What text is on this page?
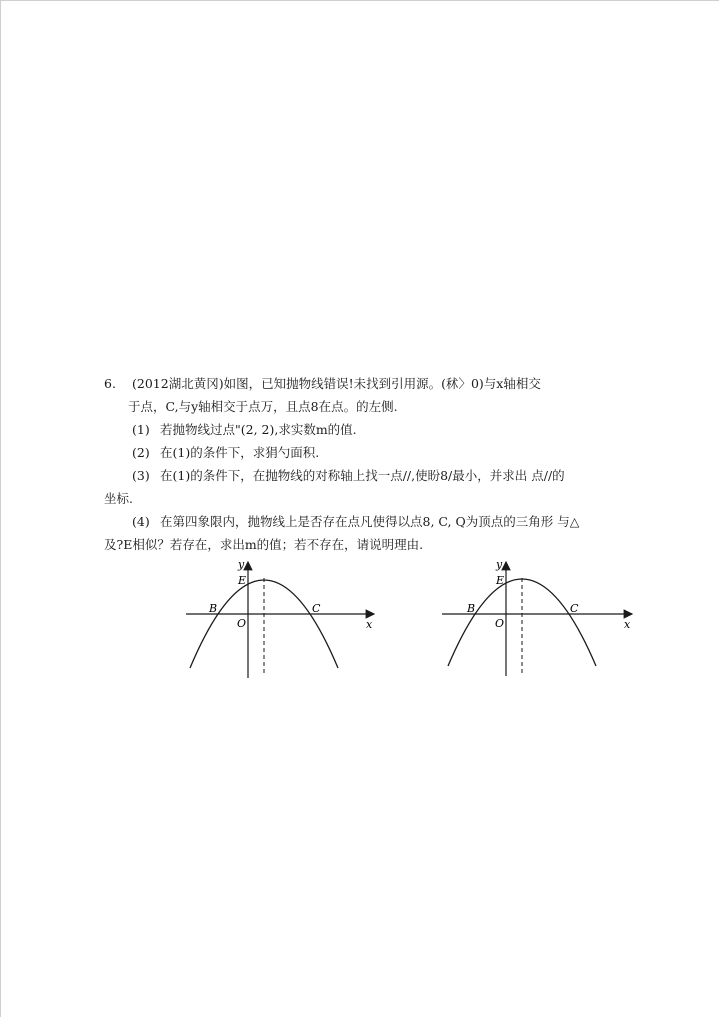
6. (2012湖北黄冈)如图，已知抛物线错误!未找到引用源。(秫〉0)与x轴相交

于点，C,与y轴相交于点万，且点8在点。的左侧.

(1) 若抛物线过点"(2, 2),求实数m的值.

(2) 在(1)的条件下，求狷勺面积.

(3) 在(1)的条件下，在抛物线的对称轴上找一点//,使盼8/最小，并求出 点//的

坐标.

(4) 在第四象限内，抛物线上是否存在点凡使得以点8, C, Q为顶点的三角形 与△

及?E相似？若存在，求出m的值；若不存在，请说明理由.

y
E
B	C
O	x
y
E
B	C
O	x
